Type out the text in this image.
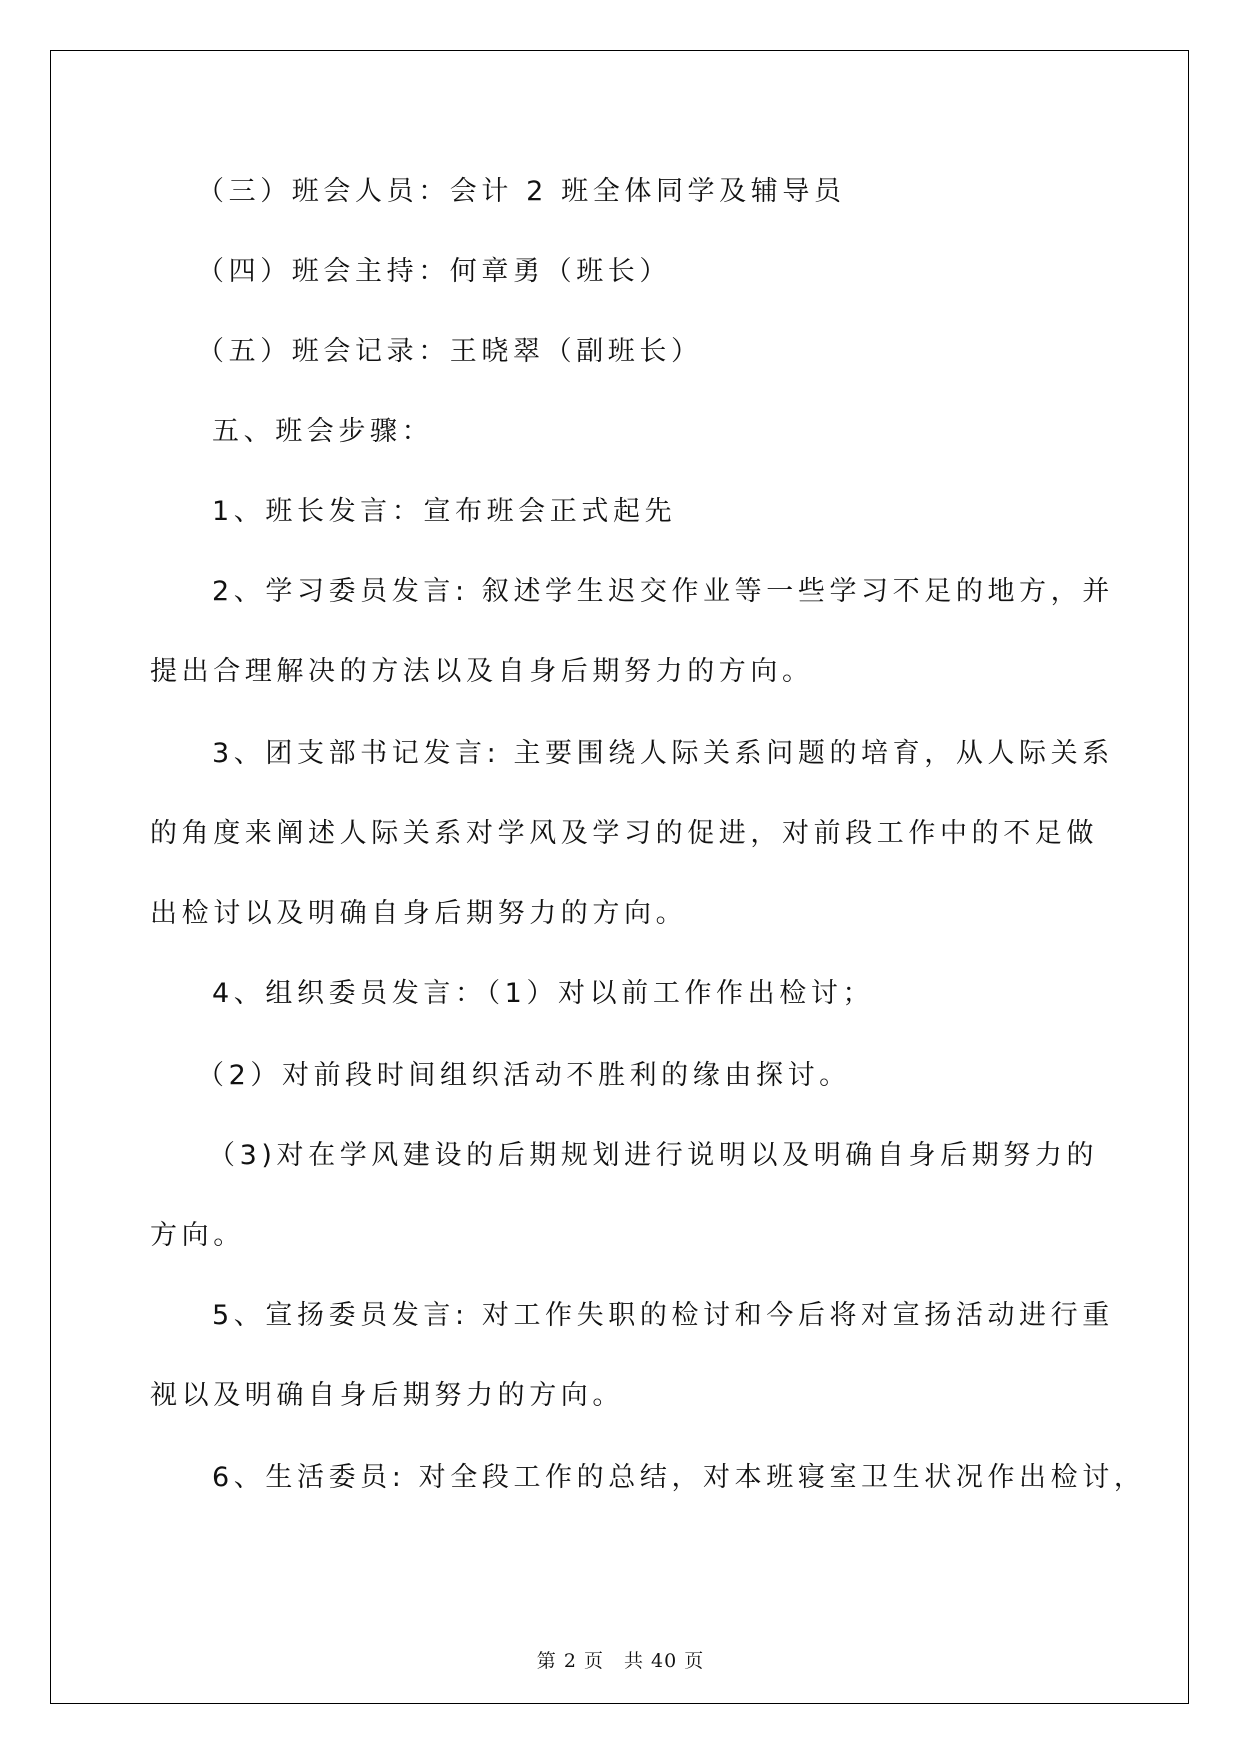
（三）班会人员：会计 2 班全体同学及辅导员

（四）班会主持：何章勇（班长）

（五）班会记录：王晓翠（副班长）

五、班会步骤：

1、班长发言：宣布班会正式起先

2、学习委员发言: 叙述学生迟交作业等一些学习不足的地方，并

提出合理解决的方法以及自身后期努力的方向。

3、团支部书记发言: 主要围绕人际关系问题的培育，从人际关系

的角度来阐述人际关系对学风及学习的促进，对前段工作中的不足做

出检讨以及明确自身后期努力的方向。

4、组织委员发言：（1）对以前工作作出检讨；

（2）对前段时间组织活动不胜利的缘由探讨。

（3)对在学风建设的后期规划进行说明以及明确自身后期努力的

方向。

5、宣扬委员发言: 对工作失职的检讨和今后将对宣扬活动进行重

视以及明确自身后期努力的方向。

6、生活委员: 对全段工作的总结，对本班寝室卫生状况作出检讨，

第 2 页　共 40 页
